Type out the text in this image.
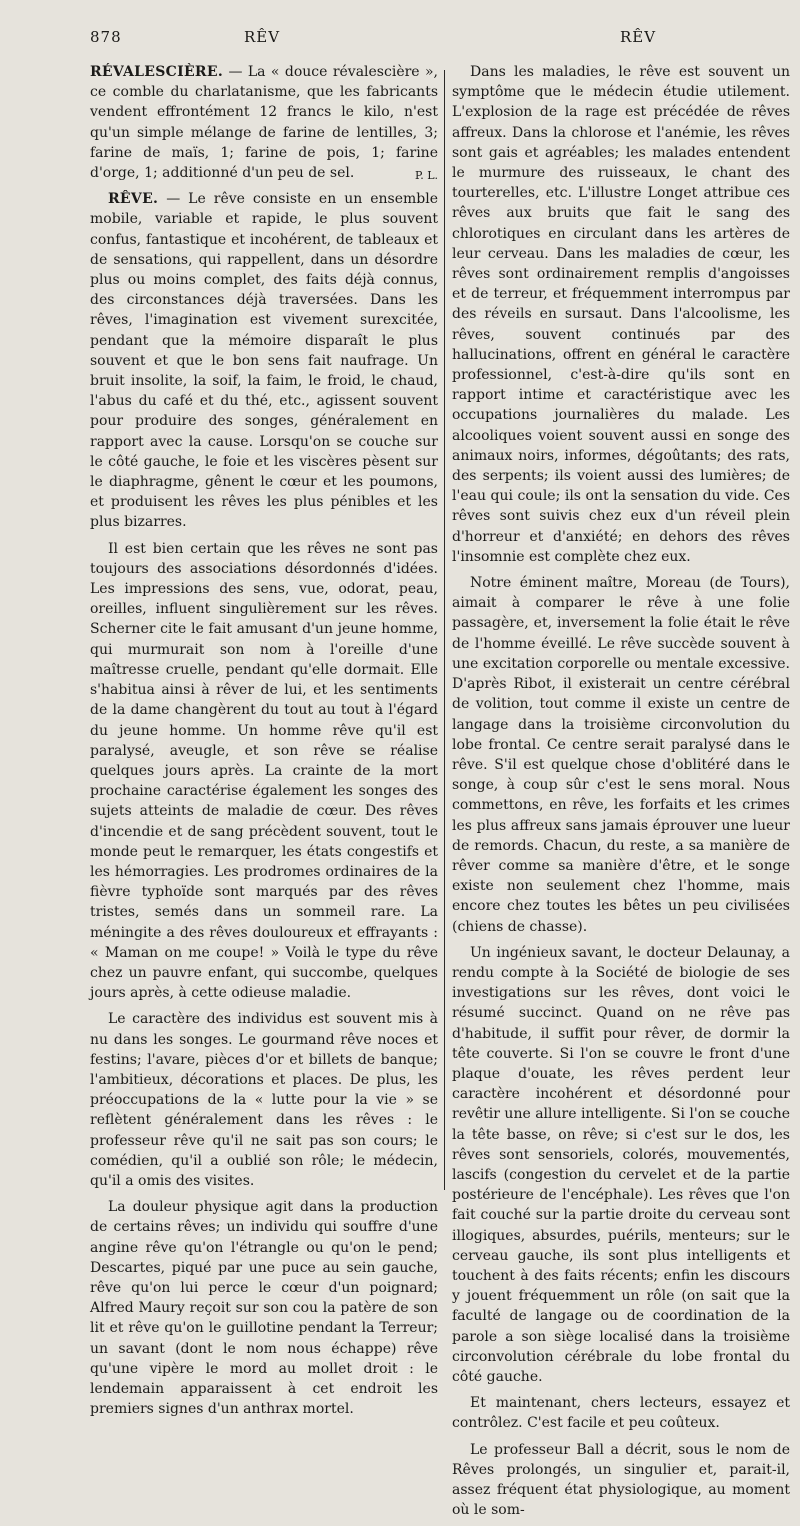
878	RÊV	RÊV

RÉVALESCIÈRE. — La « douce révalescière », ce comble du charlatanisme, que les fabricants vendent effrontément 12 francs le kilo, n'est qu'un simple mélange de farine de lentilles, 3; farine de maïs, 1; farine de pois, 1; farine d'orge, 1; additionné d'un peu de sel.	P. L.

RÊVE. — Le rêve consiste en un ensemble mobile, variable et rapide, le plus souvent confus, fantastique et incohérent, de tableaux et de sensations, qui rappellent, dans un désordre plus ou moins complet, des faits déjà connus, des circonstances déjà traversées. Dans les rêves, l'imagination est vivement surexcitée, pendant que la mémoire disparaît le plus souvent et que le bon sens fait naufrage. Un bruit insolite, la soif, la faim, le froid, le chaud, l'abus du café et du thé, etc., agissent souvent pour produire des songes, généralement en rapport avec la cause. Lorsqu'on se couche sur le côté gauche, le foie et les viscères pèsent sur le diaphragme, gênent le cœur et les poumons, et produisent les rêves les plus pénibles et les plus bizarres.

Il est bien certain que les rêves ne sont pas toujours des associations désordonnés d'idées. Les impressions des sens, vue, odorat, peau, oreilles, influent singulièrement sur les rêves. Scherner cite le fait amusant d'un jeune homme, qui murmurait son nom à l'oreille d'une maîtresse cruelle, pendant qu'elle dormait. Elle s'habitua ainsi à rêver de lui, et les sentiments de la dame changèrent du tout au tout à l'égard du jeune homme. Un homme rêve qu'il est paralysé, aveugle, et son rêve se réalise quelques jours après. La crainte de la mort prochaine caractérise également les songes des sujets atteints de maladie de cœur. Des rêves d'incendie et de sang précèdent souvent, tout le monde peut le remarquer, les états congestifs et les hémorragies. Les prodromes ordinaires de la fièvre typhoïde sont marqués par des rêves tristes, semés dans un sommeil rare. La méningite a des rêves douloureux et effrayants : « Maman on me coupe! » Voilà le type du rêve chez un pauvre enfant, qui succombe, quelques jours après, à cette odieuse maladie.

Le caractère des individus est souvent mis à nu dans les songes. Le gourmand rêve noces et festins; l'avare, pièces d'or et billets de banque; l'ambitieux, décorations et places. De plus, les préoccupations de la « lutte pour la vie » se reflètent généralement dans les rêves : le professeur rêve qu'il ne sait pas son cours; le comédien, qu'il a oublié son rôle; le médecin, qu'il a omis des visites.

La douleur physique agit dans la production de certains rêves; un individu qui souffre d'une angine rêve qu'on l'étrangle ou qu'on le pend; Descartes, piqué par une puce au sein gauche, rêve qu'on lui perce le cœur d'un poignard; Alfred Maury reçoit sur son cou la patère de son lit et rêve qu'on le guillotine pendant la Terreur; un savant (dont le nom nous échappe) rêve qu'une vipère le mord au mollet droit : le lendemain apparaissent à cet endroit les premiers signes d'un anthrax mortel.

Dans les maladies, le rêve est souvent un symptôme que le médecin étudie utilement. L'explosion de la rage est précédée de rêves affreux. Dans la chlorose et l'anémie, les rêves sont gais et agréables; les malades entendent le murmure des ruisseaux, le chant des tourterelles, etc. L'illustre Longet attribue ces rêves aux bruits que fait le sang des chlorotiques en circulant dans les artères de leur cerveau. Dans les maladies de cœur, les rêves sont ordinairement remplis d'angoisses et de terreur, et fréquemment interrompus par des réveils en sursaut. Dans l'alcoolisme, les rêves, souvent continués par des hallucinations, offrent en général le caractère professionnel, c'est-à-dire qu'ils sont en rapport intime et caractéristique avec les occupations journalières du malade. Les alcooliques voient souvent aussi en songe des animaux noirs, informes, dégoûtants; des rats, des serpents; ils voient aussi des lumières; de l'eau qui coule; ils ont la sensation du vide. Ces rêves sont suivis chez eux d'un réveil plein d'horreur et d'anxiété; en dehors des rêves l'insomnie est complète chez eux.

Notre éminent maître, Moreau (de Tours), aimait à comparer le rêve à une folie passagère, et, inversement la folie était le rêve de l'homme éveillé. Le rêve succède souvent à une excitation corporelle ou mentale excessive. D'après Ribot, il existerait un centre cérébral de volition, tout comme il existe un centre de langage dans la troisième circonvolution du lobe frontal. Ce centre serait paralysé dans le rêve. S'il est quelque chose d'oblitéré dans le songe, à coup sûr c'est le sens moral. Nous commettons, en rêve, les forfaits et les crimes les plus affreux sans jamais éprouver une lueur de remords. Chacun, du reste, a sa manière de rêver comme sa manière d'être, et le songe existe non seulement chez l'homme, mais encore chez toutes les bêtes un peu civilisées (chiens de chasse).

Un ingénieux savant, le docteur Delaunay, a rendu compte à la Société de biologie de ses investigations sur les rêves, dont voici le résumé succinct. Quand on ne rêve pas d'habitude, il suffit pour rêver, de dormir la tête couverte. Si l'on se couvre le front d'une plaque d'ouate, les rêves perdent leur caractère incohérent et désordonné pour revêtir une allure intelligente. Si l'on se couche la tête basse, on rêve; si c'est sur le dos, les rêves sont sensoriels, colorés, mouvementés, lascifs (congestion du cervelet et de la partie postérieure de l'encéphale). Les rêves que l'on fait couché sur la partie droite du cerveau sont illogiques, absurdes, puérils, menteurs; sur le cerveau gauche, ils sont plus intelligents et touchent à des faits récents; enfin les discours y jouent fréquemment un rôle (on sait que la faculté de langage ou de coordination de la parole a son siège localisé dans la troisième circonvolution cérébrale du lobe frontal du côté gauche.

Et maintenant, chers lecteurs, essayez et contrôlez. C'est facile et peu coûteux.

Le professeur Ball a décrit, sous le nom de Rêves prolongés, un singulier et, parait-il, assez fréquent état physiologique, au moment où le som-
